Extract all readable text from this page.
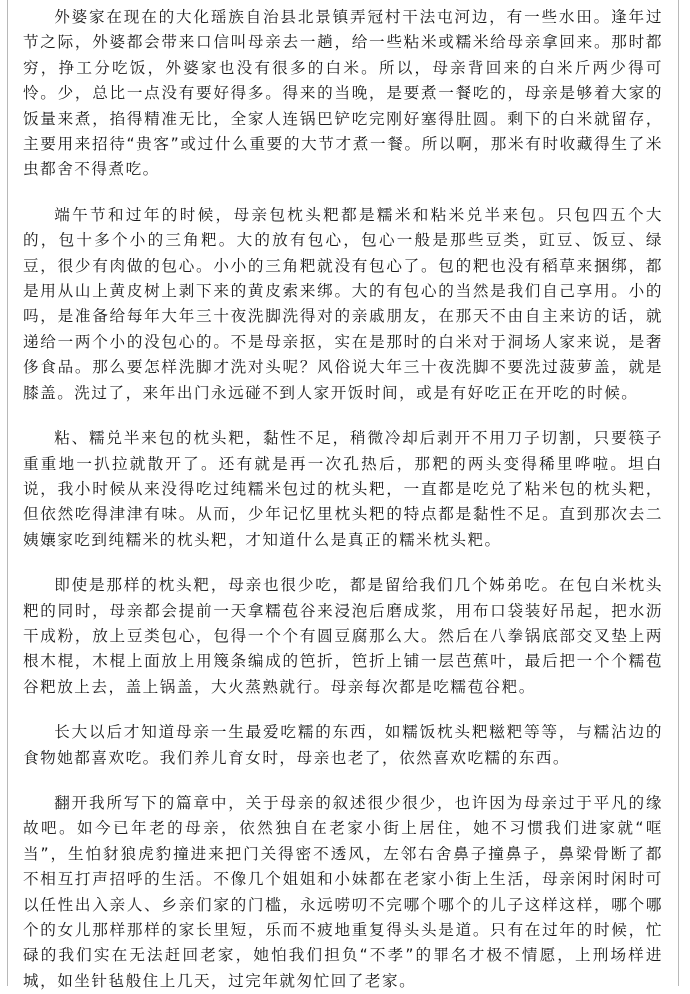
外婆家在现在的大化瑶族自治县北景镇弄冠村干法屯河边，有一些水田。逢年过节之际，外婆都会带来口信叫母亲去一趟，给一些粘米或糯米给母亲拿回来。那时都穷，挣工分吃饭，外婆家也没有很多的白米。所以，母亲背回来的白米斤两少得可怜。少，总比一点没有要好得多。得来的当晚，是要煮一餐吃的，母亲是够着大家的饭量来煮，掐得精准无比，全家人连锅巴铲吃完刚好塞得肚圆。剩下的白米就留存，主要用来招待“贵客”或过什么重要的大节才煮一餐。所以啊，那米有时收藏得生了米虫都舍不得煮吃。

端午节和过年的时候，母亲包枕头粑都是糯米和粘米兑半来包。只包四五个大的，包十多个小的三角粑。大的放有包心，包心一般是那些豆类，豇豆、饭豆、绿豆，很少有肉做的包心。小小的三角粑就没有包心了。包的粑也没有稻草来捆绑，都是用从山上黄皮树上剥下来的黄皮索来绑。大的有包心的当然是我们自己享用。小的吗，是准备给每年大年三十夜洗脚洗得对的亲戚朋友，在那天不由自主来访的话，就递给一两个小的没包心的。不是母亲抠，实在是那时的白米对于洞场人家来说，是奢侈食品。那么要怎样洗脚才洗对头呢？风俗说大年三十夜洗脚不要洗过菠萝盖，就是膝盖。洗过了，来年出门永远碰不到人家开饭时间，或是有好吃正在开吃的时候。

粘、糯兑半来包的枕头粑，黏性不足，稍微冷却后剥开不用刀子切割，只要筷子重重地一扒拉就散开了。还有就是再一次孔热后，那粑的两头变得稀里哗啦。坦白说，我小时候从来没得吃过纯糯米包过的枕头粑，一直都是吃兑了粘米包的枕头粑，但依然吃得津津有味。从而，少年记忆里枕头粑的特点都是黏性不足。直到那次去二姨孃家吃到纯糯米的枕头粑，才知道什么是真正的糯米枕头粑。

即使是那样的枕头粑，母亲也很少吃，都是留给我们几个姊弟吃。在包白米枕头粑的同时，母亲都会提前一天拿糯苞谷来浸泡后磨成浆，用布口袋装好吊起，把水沥干成粉，放上豆类包心，包得一个个有圆豆腐那么大。然后在八拳锅底部交叉垫上两根木棍，木棍上面放上用篾条编成的笆折，笆折上铺一层芭蕉叶，最后把一个个糯苞谷粑放上去，盖上锅盖，大火蒸熟就行。母亲每次都是吃糯苞谷粑。

长大以后才知道母亲一生最爱吃糯的东西，如糯饭枕头粑糍粑等等，与糯沾边的食物她都喜欢吃。我们养儿育女时，母亲也老了，依然喜欢吃糯的东西。

翻开我所写下的篇章中，关于母亲的叙述很少很少，也许因为母亲过于平凡的缘故吧。如今已年老的母亲，依然独自在老家小街上居住，她不习惯我们进家就“哐当”，生怕豺狼虎豹撞进来把门关得密不透风，左邻右舍鼻子撞鼻子，鼻梁骨断了都不相互打声招呼的生活。不像几个姐姐和小妹都在老家小街上生活，母亲闲时闲时可以任性出入亲人、乡亲们家的门槛，永远唠叨不完哪个哪个的儿子这样这样，哪个哪个的女儿那样那样的家长里短，乐而不疲地重复得头头是道。只有在过年的时候，忙碌的我们实在无法赶回老家，她怕我们担负“不孝”的罪名才极不情愿，上刑场样进城，如坐针毡般住上几天，过完年就匆忙回了老家。
